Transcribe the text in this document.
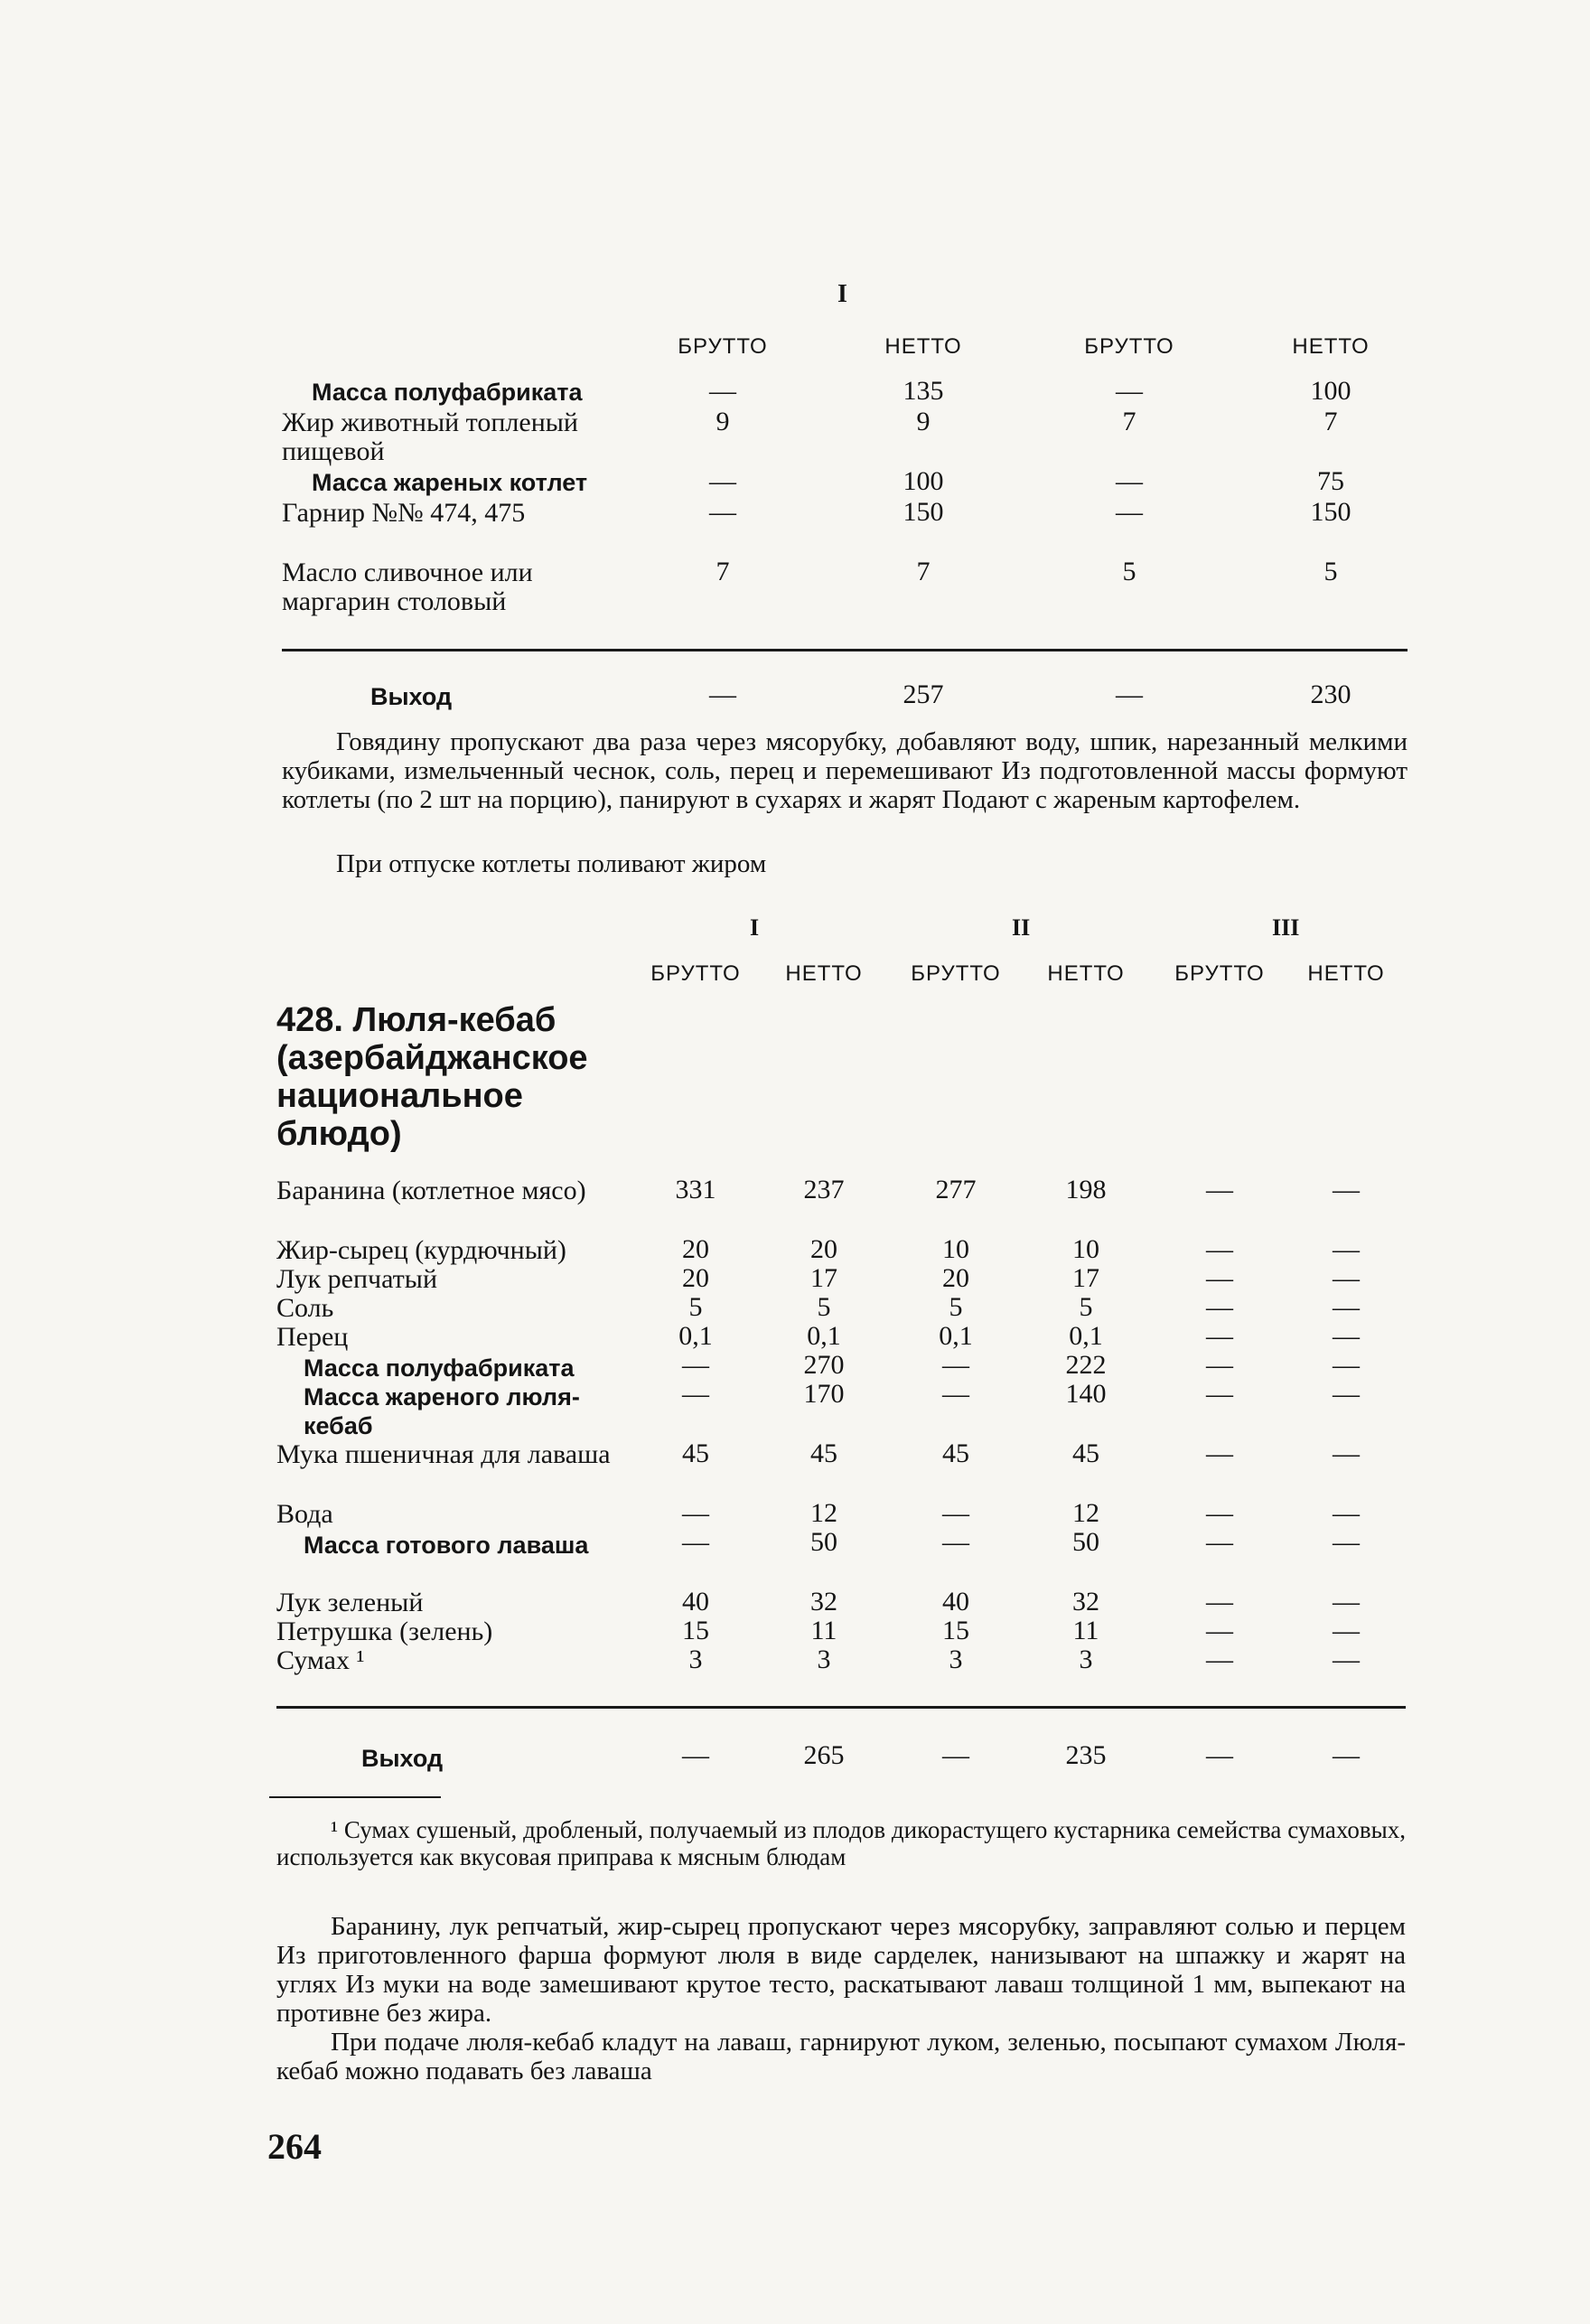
I
БРУТТО	НЕТТО	БРУТТО	НЕТТО
Масса полуфабриката	—	135	—	100
Жир животный топленый пищевой
9	9	7	7
Масса жареных котлет	—	100	—	75
Гарнир №№ 474, 475	—	150	—	150
Масло сливочное или маргарин столовый
7	7	5	5
Выход	—	257	—	230
Говядину пропускают два раза через мясорубку, добавляют воду, шпик, нарезанный мелкими кубиками, измельченный чеснок, соль, перец и перемешивают Из подготовленной массы формуют котлеты (по 2 шт на порцию), панируют в сухарях и жарят Подают с жареным картофелем.
При отпуске котлеты поливают жиром
I	II	III
БРУТТО	НЕТТО	БРУТТО	НЕТТО	БРУТТО	НЕТТО
428. Люля-кебаб (азербайджанское национальное блюдо)
Баранина (котлетное мясо)	331	237	277	198	—	—
Жир-сырец (курдючный)	20	20	10	10	—	—
Лук репчатый	20	17	20	17	—	—
Соль	5	5	5	5	—	—
Перец	0,1	0,1	0,1	0,1	—	—
Масса полуфабриката	—	270	—	222	—	—
Масса жареного люля-кебаб
—	170	—	140	—	—
Мука пшеничная для лаваша	45	45	45	45	—	—
Вода	—	12	—	12	—	—
Масса готового лаваша	—	50	—	50	—	—
Лук зеленый	40	32	40	32	—	—
Петрушка (зелень)	15	11	15	11	—	—
Сумах ¹	3	3	3	3	—	—
Выход	—	265	—	235	—	—
¹ Сумах сушеный, дробленый, получаемый из плодов дикорастущего кустарника семейства сумаховых, используется как вкусовая приправа к мясным блюдам
Баранину, лук репчатый, жир-сырец пропускают через мясорубку, заправляют солью и перцем Из приготовленного фарша формуют люля в виде сарделек, нанизывают на шпажку и жарят на углях Из муки на воде замешивают крутое тесто, раскатывают лаваш толщиной 1 мм, выпекают на противне без жира.
При подаче люля-кебаб кладут на лаваш, гарнируют луком, зеленью, посыпают сумахом Люля-кебаб можно подавать без лаваша
264
